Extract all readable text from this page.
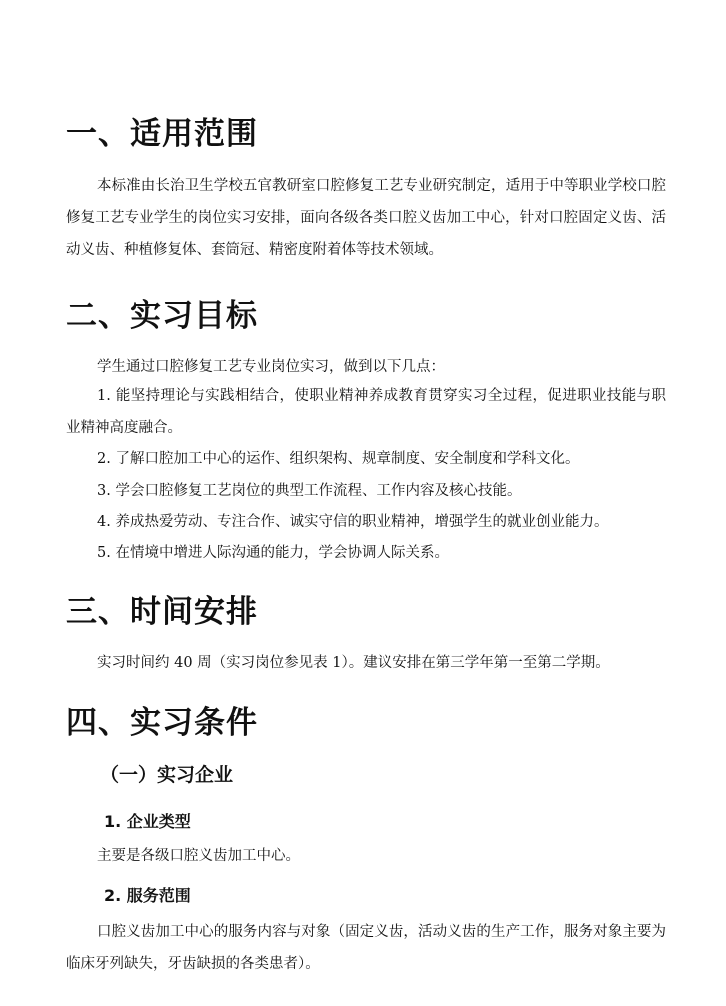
一、适用范围
本标准由长治卫生学校五官教研室口腔修复工艺专业研究制定，适用于中等职业学校口腔修复工艺专业学生的岗位实习安排，面向各级各类口腔义齿加工中心，针对口腔固定义齿、活动义齿、种植修复体、套筒冠、精密度附着体等技术领域。
二、实习目标
学生通过口腔修复工艺专业岗位实习，做到以下几点：
1. 能坚持理论与实践相结合，使职业精神养成教育贯穿实习全过程，促进职业技能与职业精神高度融合。
2. 了解口腔加工中心的运作、组织架构、规章制度、安全制度和学科文化。
3. 学会口腔修复工艺岗位的典型工作流程、工作内容及核心技能。
4. 养成热爱劳动、专注合作、诚实守信的职业精神，增强学生的就业创业能力。
5. 在情境中增进人际沟通的能力，学会协调人际关系。
三、时间安排
实习时间约 40 周（实习岗位参见表 1）。建议安排在第三学年第一至第二学期。
四、实习条件
（一）实习企业
1. 企业类型
主要是各级口腔义齿加工中心。
2. 服务范围
口腔义齿加工中心的服务内容与对象（固定义齿，活动义齿的生产工作，服务对象主要为临床牙列缺失，牙齿缺损的各类患者）。
